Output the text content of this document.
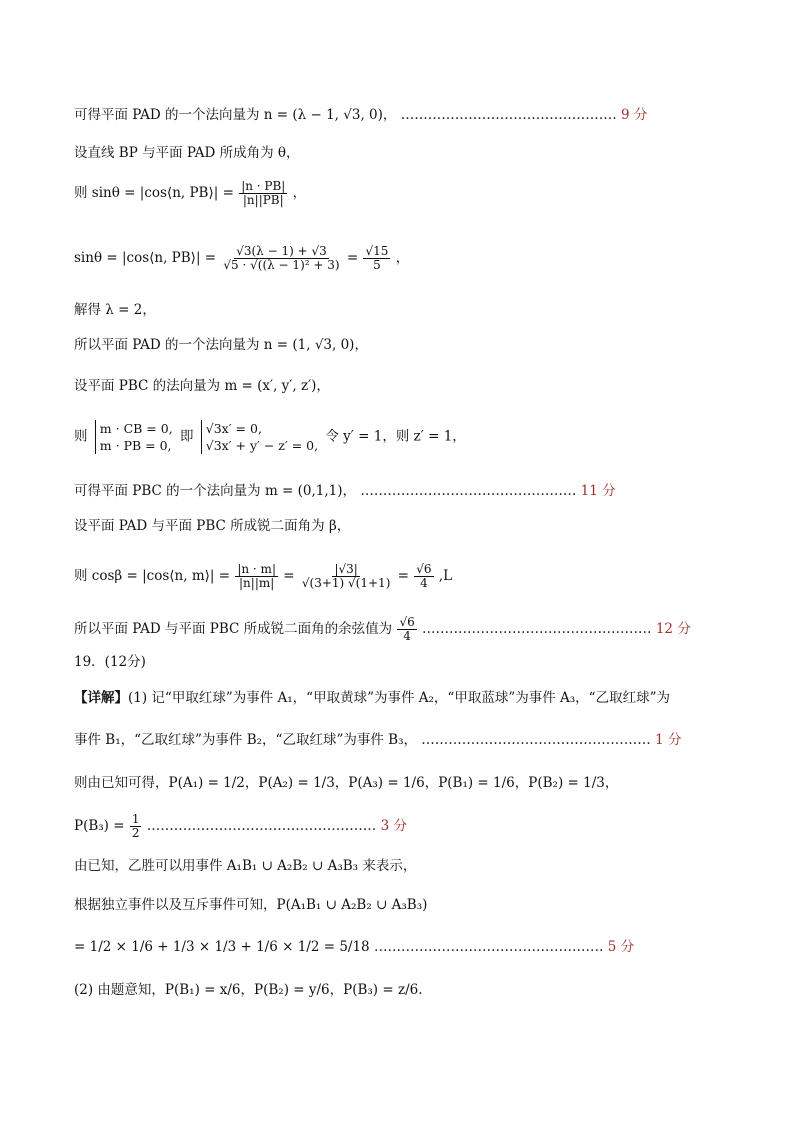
可得平面 PAD 的一个法向量为 n = (λ − 1, √3, 0)， ………………………………………… 9 分
设直线 BP 与平面 PAD 所成角为 θ，
则 sinθ = |cos⟨n, PB⟩| = $\frac{|n \cdot PB|}{|n||PB|}$ ，
sinθ = |cos⟨n, PB⟩| = $\frac{√3(\lambda - 1) + √3}{\text{√5 · √((λ − 1)² + 3)}} = \frac{√15}{5}$ ，
解得 λ = 2，
所以平面 PAD 的一个法向量为 n = (1, √3, 0)，
设平面 PBC 的法向量为 m = (x′, y′, z′)，
则 m · CB = 0,
m · PB = 0,
即 √3x′ = 0,
√3x′ + y′ − z′ = 0,
令 y′ = 1，则 z′ = 1，
可得平面 PBC 的一个法向量为 m = (0,1,1)， ………………………………………… 11 分
设平面 PAD 与平面 PBC 所成锐二面角为 β，
则 cosβ = |cos⟨n, m⟩| = $\frac{|n \cdot m|}{|n||m|} = \frac{|√3|}{√(3+1) √(1+1)} = \frac{√6}{4} ,L$
所以平面 PAD 与平面 PBC 所成锐二面角的余弦值为 $\frac{√6}{4}$ …………………………………………… 12 分
19．(12分)
【详解】(1) 记“甲取红球”为事件 A₁，“甲取黄球”为事件 A₂，“甲取蓝球”为事件 A₃，“乙取红球”为
事件 B₁，“乙取红球”为事件 B₂，“乙取红球”为事件 B₃， …………………………………………… 1 分
则由已知可得，P(A₁) = 1/2，P(A₂) = 1/3，P(A₃) = 1/6，P(B₁) = 1/6，P(B₂) = 1/3，
$P(B_3) = \frac{1}{2}$ …………………………………………… 3 分
由已知，乙胜可以用事件 A₁B₁ ∪ A₂B₂ ∪ A₃B₃ 来表示，
根据独立事件以及互斥事件可知，P(A₁B₁ ∪ A₂B₂ ∪ A₃B₃)
= 1/2 × 1/6 + 1/3 × 1/3 + 1/6 × 1/2 = 5/18 …………………………………………… 5 分
(2) 由题意知，P(B₁) = x/6，P(B₂) = y/6，P(B₃) = z/6.
